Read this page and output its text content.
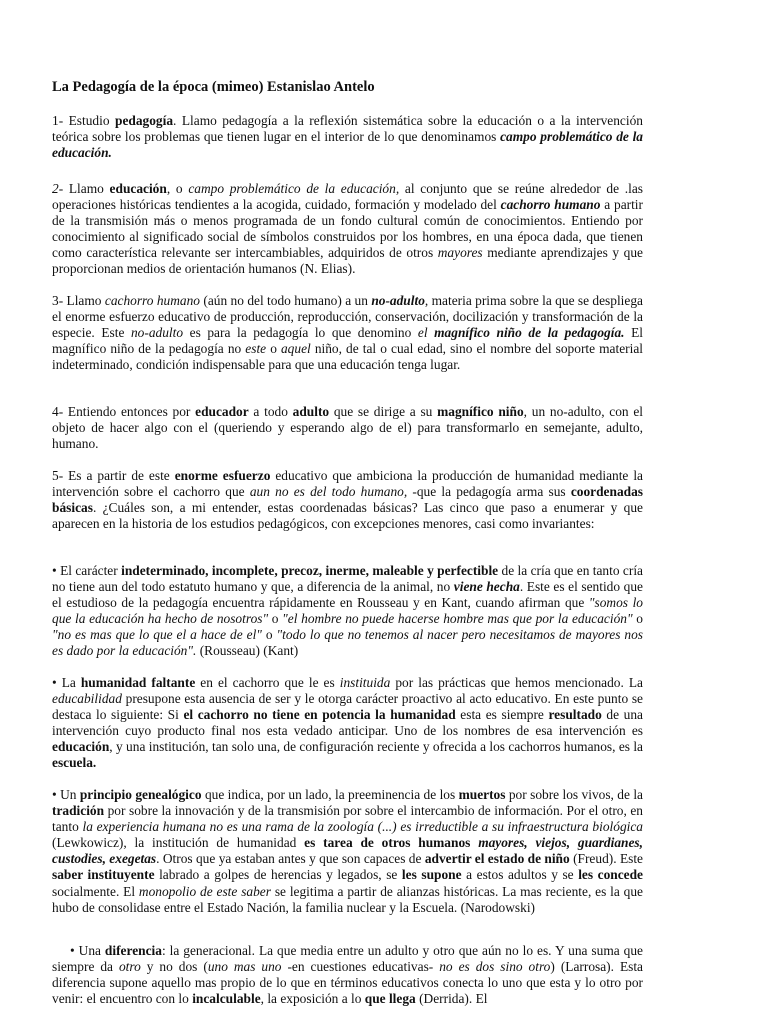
La Pedagogía de la época (mimeo) Estanislao Antelo

1- Estudio pedagogía. Llamo pedagogía a la reflexión sistemática sobre la educación o a la intervención teórica sobre los problemas que tienen lugar en el interior de lo que denominamos campo problemático de la educación.

2- Llamo educación, o campo problemático de la educación, al conjunto que se reúne alrededor de .las operaciones históricas tendientes a la acogida, cuidado, formación y modelado del cachorro humano a partir de la transmisión más o menos programada de un fondo cultural común de conocimientos. Entiendo por conocimiento al significado social de símbolos construidos por los hombres, en una época dada, que tienen como característica relevante ser intercambiables, adquiridos de otros mayores mediante aprendizajes y que proporcionan medios de orientación humanos (N. Elias).

3- Llamo cachorro humano (aún no del todo humano) a un no-adulto, materia prima sobre la que se despliega el enorme esfuerzo educativo de producción, reproducción, conservación, docilización y transformación de la especie. Este no-adulto es para la pedagogía lo que denomino el magnífico niño de la pedagogía. El magnífico niño de la pedagogía no este o aquel niño, de tal o cual edad, sino el nombre del soporte material indeterminado, condición indispensable para que una educación tenga lugar.

4- Entiendo entonces por educador a todo adulto que se dirige a su magnífico niño, un no-adulto, con el objeto de hacer algo con el (queriendo y esperando algo de el) para transformarlo en semejante, adulto, humano.

5- Es a partir de este enorme esfuerzo educativo que ambiciona la producción de humanidad mediante la intervención sobre el cachorro que aun no es del todo humano, -que la pedagogía arma sus coordenadas básicas. ¿Cuáles son, a mi entender, estas coordenadas básicas? Las cinco que paso a enumerar y que aparecen en la historia de los estudios pedagógicos, con excepciones menores, casi como invariantes:

• El carácter indeterminado, incomplete, precoz, inerme, maleable y perfectible de la cría que en tanto cría no tiene aun del todo estatuto humano y que, a diferencia de la animal, no viene hecha. Este es el sentido que el estudioso de la pedagogía encuentra rápidamente en Rousseau y en Kant, cuando afirman que "somos lo que la educación ha hecho de nosotros" o "el hombre no puede hacerse hombre mas que por la educación" o "no es mas que lo que el a hace de el" o "todo lo que no tenemos al nacer pero necesitamos de mayores nos es dado por la educación". (Rousseau) (Kant)

• La humanidad faltante en el cachorro que le es instituida por las prácticas que hemos mencionado. La educabilidad presupone esta ausencia de ser y le otorga carácter proactivo al acto educativo. En este punto se destaca lo siguiente: Si el cachorro no tiene en potencia la humanidad esta es siempre resultado de una intervención cuyo producto final nos esta vedado anticipar. Uno de los nombres de esa intervención es educación, y una institución, tan solo una, de configuración reciente y ofrecida a los cachorros humanos, es la escuela.

• Un principio genealógico que indica, por un lado, la preeminencia de los muertos por sobre los vivos, de la tradición por sobre la innovación y de la transmisión por sobre el intercambio de información. Por el otro, en tanto la experiencia humana no es una rama de la zoología (...) es irreductible a su infraestructura biológica (Lewkowicz), la institución de humanidad es tarea de otros humanos mayores, viejos, guardianes, custodies, exegetas. Otros que ya estaban antes y que son capaces de advertir el estado de niño (Freud). Este saber instituyente labrado a golpes de herencias y legados, se les supone a estos adultos y se les concede socialmente. El monopolio de este saber se legitima a partir de alianzas históricas. La mas reciente, es la que hubo de consolidase entre el Estado Nación, la familia nuclear y la Escuela. (Narodowski)

• Una diferencia: la generacional. La que media entre un adulto y otro que aún no lo es. Y una suma que siempre da otro y no dos (uno mas uno -en cuestiones educativas- no es dos sino otro) (Larrosa). Esta diferencia supone aquello mas propio de lo que en términos educativos conecta lo uno que esta y lo otro por venir: el encuentro con lo incalculable, la exposición a lo que llega (Derrida). El
